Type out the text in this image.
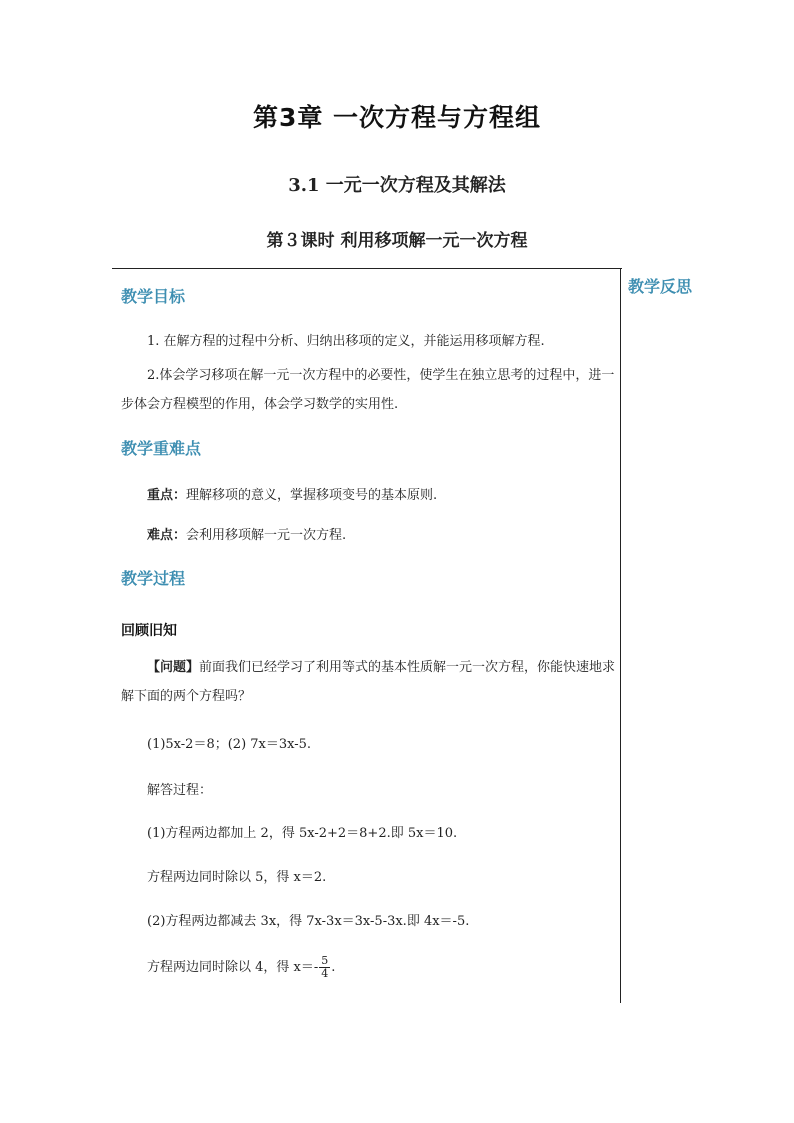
第3章 一次方程与方程组
3.1 一元一次方程及其解法
第３课时 利用移项解一元一次方程
教学反思
教学目标
1. 在解方程的过程中分析、归纳出移项的定义，并能运用移项解方程.
2.体会学习移项在解一元一次方程中的必要性，使学生在独立思考的过程中，进一步体会方程模型的作用，体会学习数学的实用性.
教学重难点
重点：理解移项的意义，掌握移项变号的基本原则.
难点：会利用移项解一元一次方程.
教学过程
回顾旧知
【问题】前面我们已经学习了利用等式的基本性质解一元一次方程，你能快速地求解下面的两个方程吗？
(1)5x-2＝8；(2) 7x＝3x-5.
解答过程：
(1)方程两边都加上 2，得 5x-2+2＝8+2.即 5x＝10.
方程两边同时除以 5，得 x＝2.
(2)方程两边都减去 3x，得 7x-3x＝3x-5-3x.即 4x＝-5.
方程两边同时除以 4，得 $x=- \frac{5}{4}$ .
